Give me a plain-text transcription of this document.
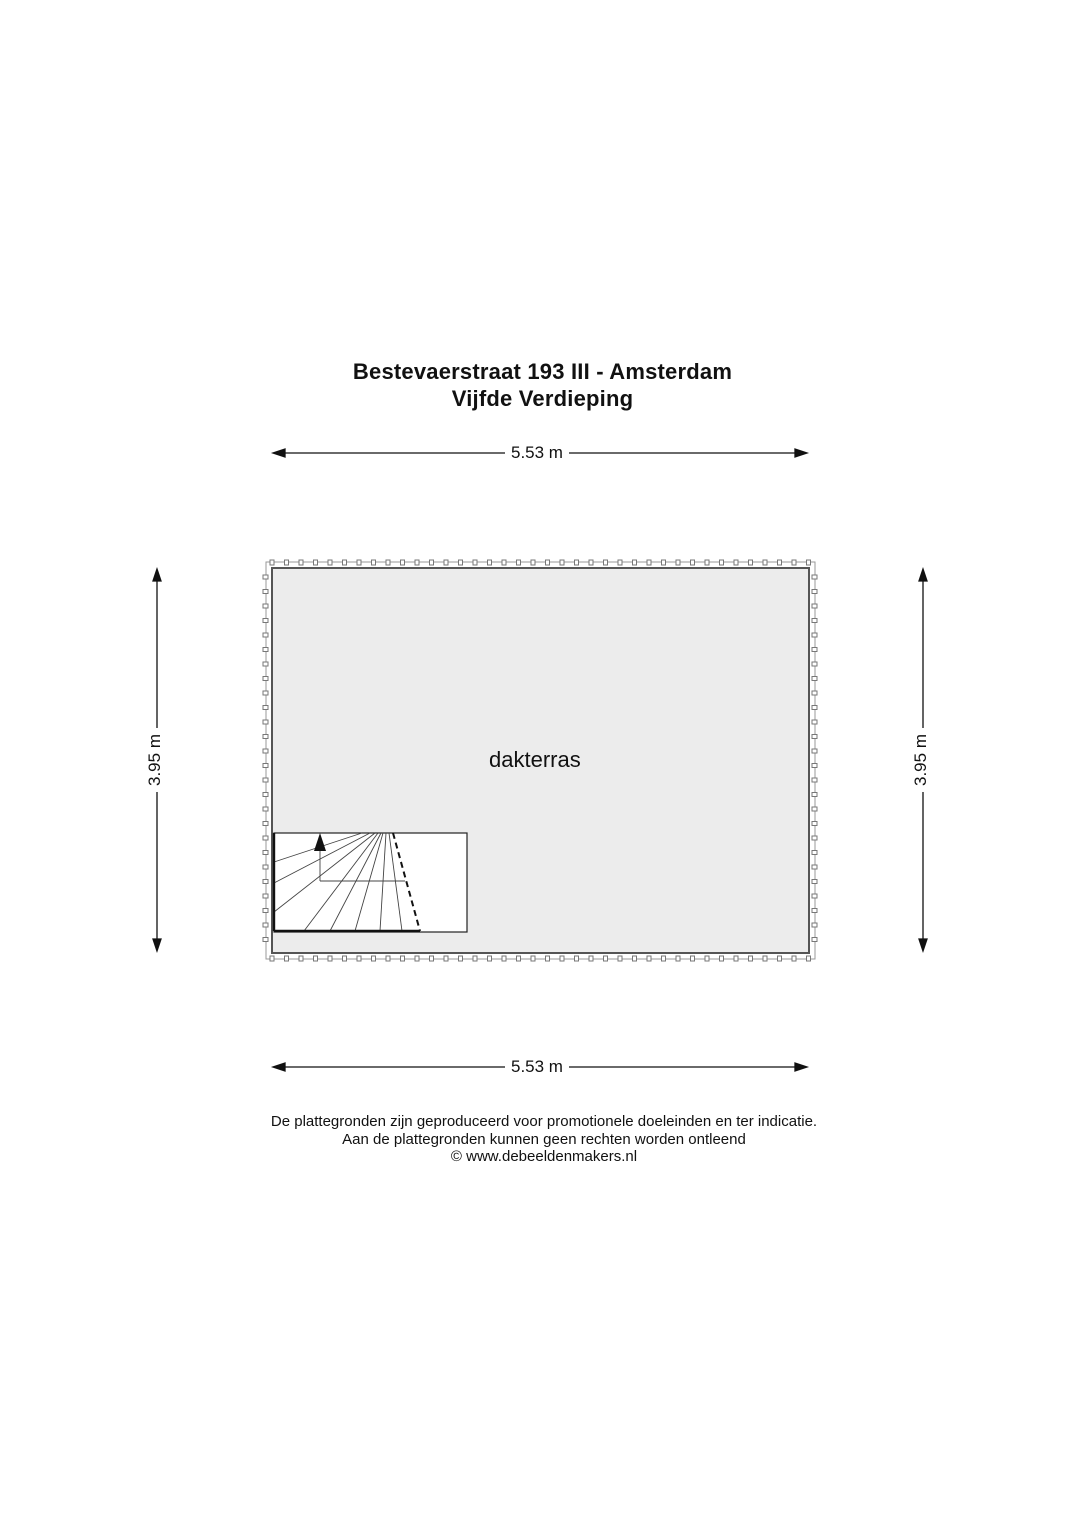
Bestevaerstraat 193 III - Amsterdam
Vijfde Verdieping
5.53 m
5.53 m
3.95 m	3.95 m
dakterras
De plattegronden zijn geproduceerd voor promotionele doeleinden en ter indicatie.
Aan de plattegronden kunnen geen rechten worden ontleend
© www.debeeldenmakers.nl
